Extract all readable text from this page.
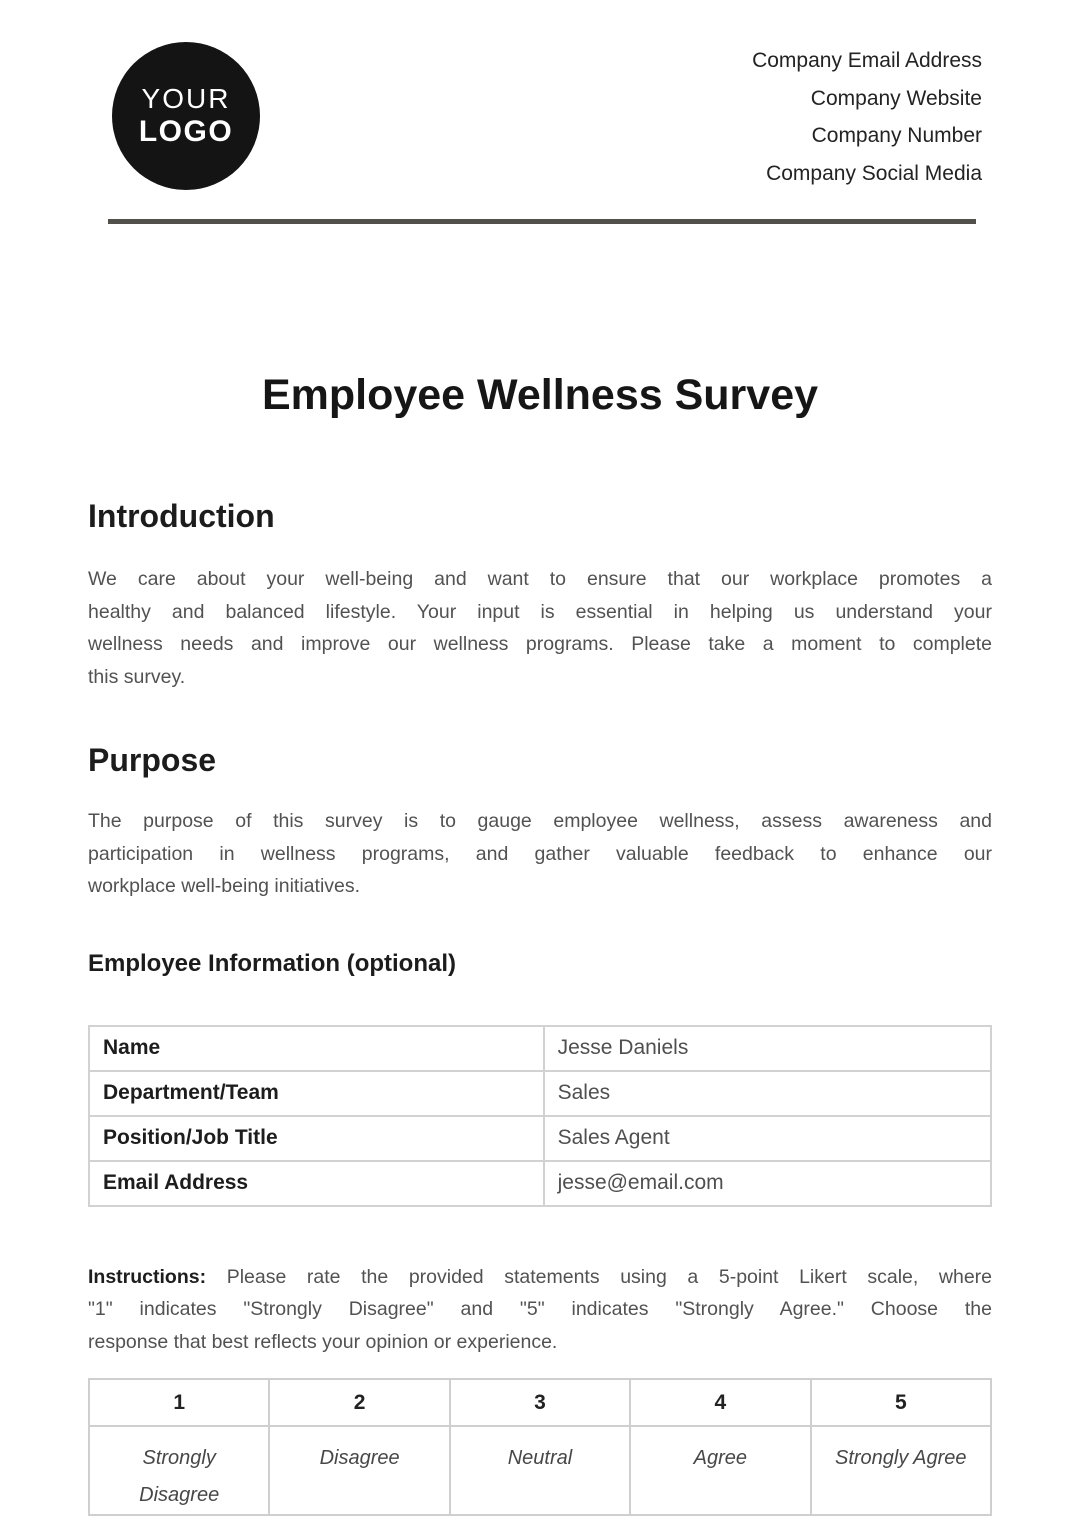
YOUR
LOGO
Company Email Address
Company Website
Company Number
Company Social Media
Employee Wellness Survey
Introduction
We care about your well-being and want to ensure that our workplace promotes a
healthy and balanced lifestyle. Your input is essential in helping us understand your
wellness needs and improve our wellness programs. Please take a moment to complete
this survey.
Purpose
The purpose of this survey is to gauge employee wellness, assess awareness and
participation in wellness programs, and gather valuable feedback to enhance our
workplace well-being initiatives.
Employee Information (optional)
Name	Jesse Daniels
Department/Team	Sales
Position/Job Title	Sales Agent
Email Address	jesse@email.com
Instructions: Please rate the provided statements using a 5-point Likert scale, where
"1" indicates "Strongly Disagree" and "5" indicates "Strongly Agree." Choose the
response that best reflects your opinion or experience.
1	2	3	4	5
Strongly Disagree	Disagree	Neutral	Agree	Strongly Agree
